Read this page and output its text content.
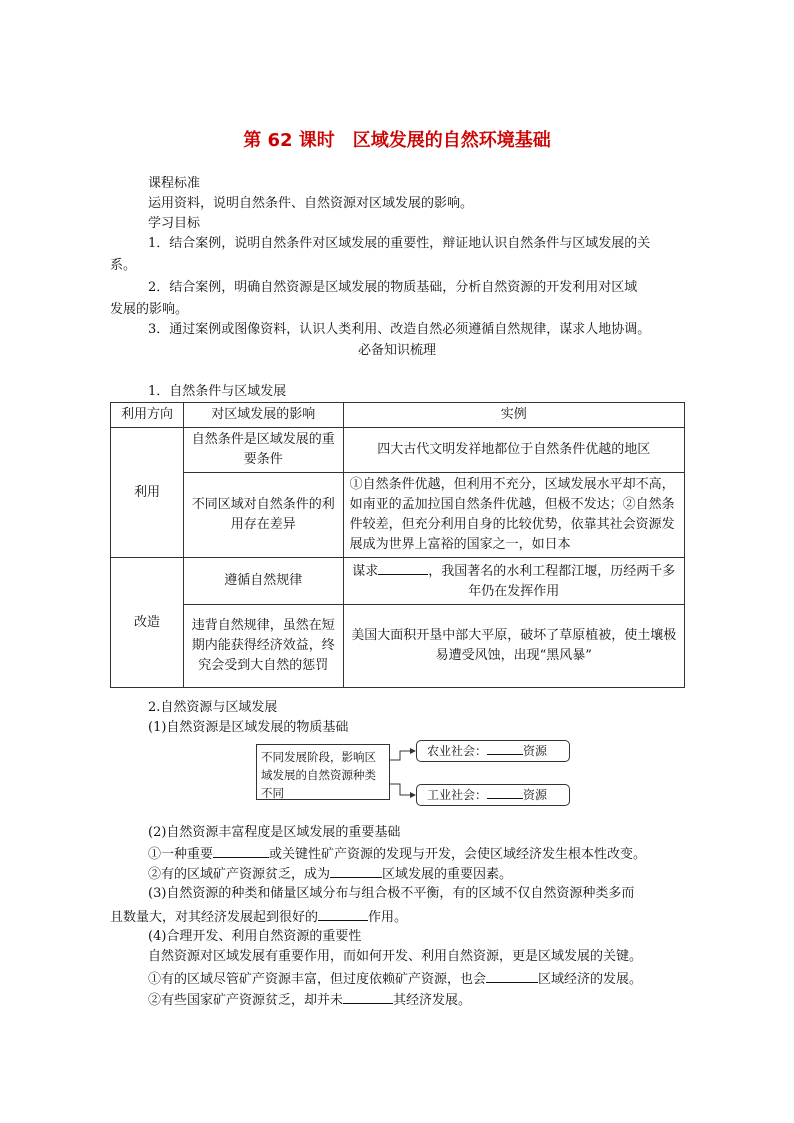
第 62 课时　区域发展的自然环境基础
课程标准
运用资料，说明自然条件、自然资源对区域发展的影响。
学习目标
1．结合案例，说明自然条件对区域发展的重要性，辩证地认识自然条件与区域发展的关
系。
2．结合案例，明确自然资源是区域发展的物质基础，分析自然资源的开发利用对区域
发展的影响。
3．通过案例或图像资料，认识人类利用、改造自然必须遵循自然规律，谋求人地协调。
必备知识梳理
1．自然条件与区域发展
利用方向	对区域发展的影响	实例
利用	自然条件是区域发展的重要条件	四大古代文明发祥地都位于自然条件优越的地区
	不同区域对自然条件的利用存在差异	①自然条件优越，但利用不充分，区域发展水平却不高，如南亚的孟加拉国自然条件优越，但极不发达；②自然条件较差，但充分利用自身的比较优势，依靠其社会资源发展成为世界上富裕的国家之一，如日本
改造	遵循自然规律	谋求 ，我国著名的水利工程都江堰，历经两千多年仍在发挥作用
	违背自然规律，虽然在短期内能获得经济效益，终究会受到大自然的惩罚	美国大面积开垦中部大平原，破坏了草原植被，使土壤极易遭受风蚀，出现“黑风暴”
2.自然资源与区域发展
(1)自然资源是区域发展的物质基础
不同发展阶段，影响区域发展的自然资源种类不同
农业社会：	资源
工业社会：	资源
(2)自然资源丰富程度是区域发展的重要基础
①一种重要	或关键性矿产资源的发现与开发，会使区域经济发生根本性改变。
②有的区域矿产资源贫乏，成为	区域发展的重要因素。
(3)自然资源的种类和储量区域分布与组合极不平衡，有的区域不仅自然资源种类多而
且数量大，对其经济发展起到很好的	作用。
(4)合理开发、利用自然资源的重要性
自然资源对区域发展有重要作用，而如何开发、利用自然资源，更是区域发展的关键。
①有的区域尽管矿产资源丰富，但过度依赖矿产资源，也会	区域经济的发展。
②有些国家矿产资源贫乏，却并未	其经济发展。
